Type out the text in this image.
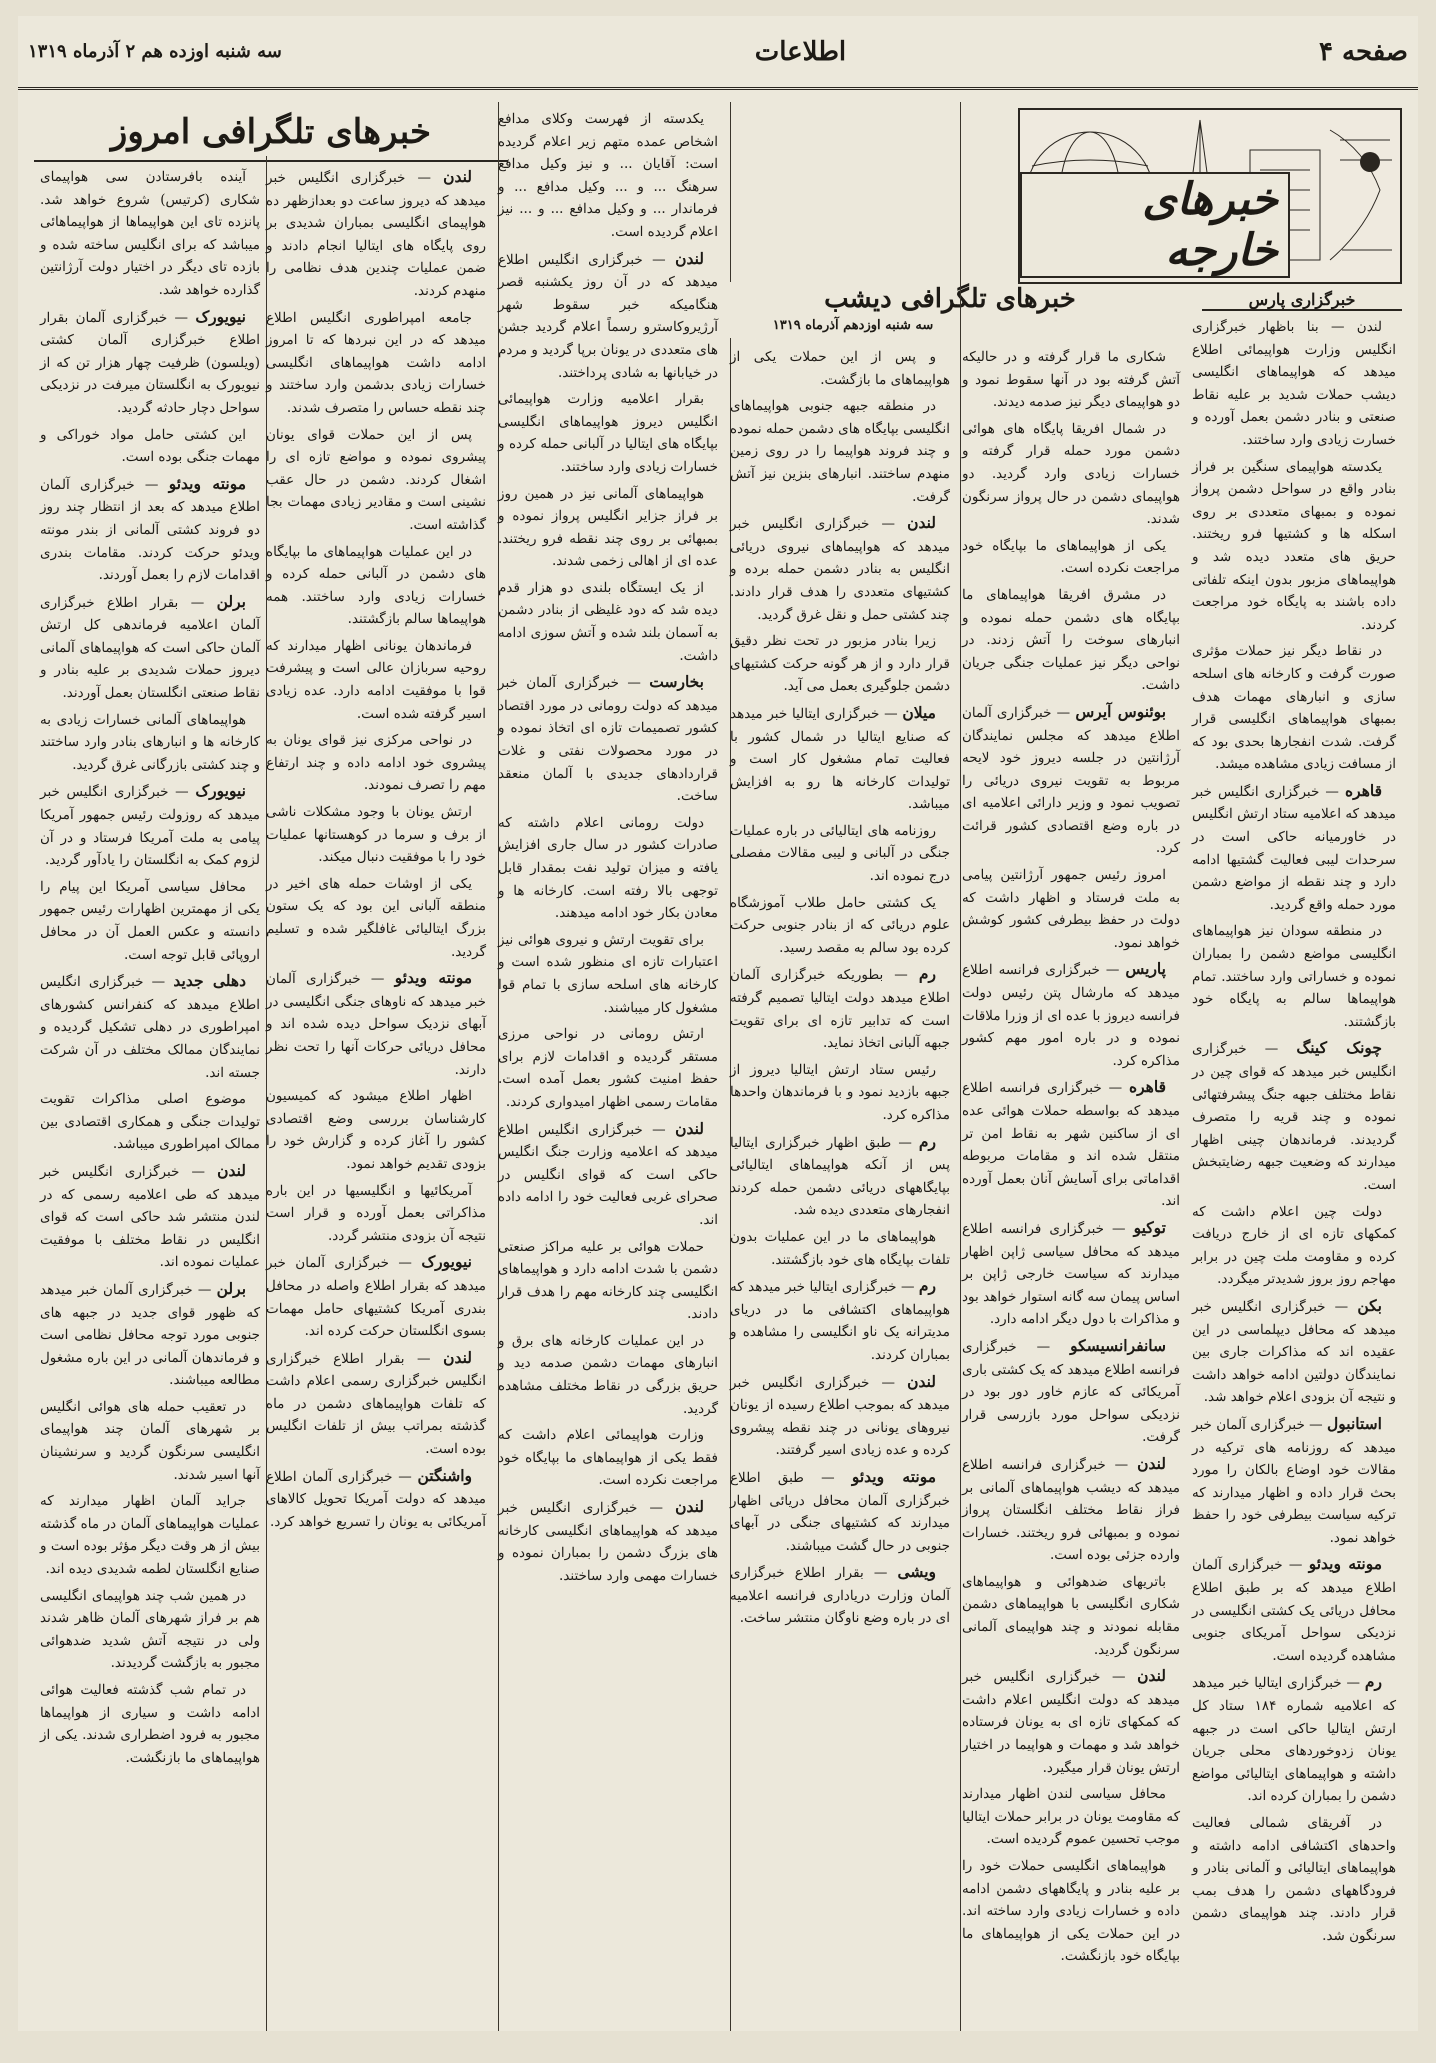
صفحه ۴
اطلاعات
سه شنبه اوزده هم ۲ آذرماه ۱۳۱۹
خبرهای خارجه
خبرگزاری پارس
خبرهای تلگرافی دیشب
سه شنبه اوزدهم آذرماه ۱۳۱۹
خبرهای تلگرافی امروز

لندن — بنا باظهار خبرگزاری انگلیس وزارت هواپیمائی اطلاع میدهد که هواپیماهای انگلیسی دیشب حملات شدید بر علیه نقاط صنعتی و بنادر دشمن بعمل آورده و خسارت زیادی وارد ساختند.

یکدسته هواپیمای سنگین بر فراز بنادر واقع در سواحل دشمن پرواز نموده و بمبهای متعددی بر روی اسکله ها و کشتیها فرو ریختند. حریق های متعدد دیده شد و هواپیماهای مزبور بدون اینکه تلفاتی داده باشند به پایگاه خود مراجعت کردند.

در نقاط دیگر نیز حملات مؤثری صورت گرفت و کارخانه های اسلحه سازی و انبارهای مهمات هدف بمبهای هواپیماهای انگلیسی قرار گرفت. شدت انفجارها بحدی بود که از مسافت زیادی مشاهده میشد.

قاهره — خبرگزاری انگلیس خبر میدهد که اعلامیه ستاد ارتش انگلیس در خاورمیانه حاکی است در سرحدات لیبی فعالیت گشتیها ادامه دارد و چند نقطه از مواضع دشمن مورد حمله واقع گردید.

در منطقه سودان نیز هواپیماهای انگلیسی مواضع دشمن را بمباران نموده و خساراتی وارد ساختند. تمام هواپیماها سالم به پایگاه خود بازگشتند.

چونک کینگ — خبرگزاری انگلیس خبر میدهد که قوای چین در نقاط مختلف جبهه جنگ پیشرفتهائی نموده و چند قریه را متصرف گردیدند. فرماندهان چینی اظهار میدارند که وضعیت جبهه رضایتبخش است.

دولت چین اعلام داشت که کمکهای تازه ای از خارج دریافت کرده و مقاومت ملت چین در برابر مهاجم روز بروز شدیدتر میگردد.

بکن — خبرگزاری انگلیس خبر میدهد که محافل دیپلماسی در این عقیده اند که مذاکرات جاری بین نمایندگان دولتین ادامه خواهد داشت و نتیجه آن بزودی اعلام خواهد شد.

استانبول — خبرگزاری آلمان خبر میدهد که روزنامه های ترکیه در مقالات خود اوضاع بالکان را مورد بحث قرار داده و اظهار میدارند که ترکیه سیاست بیطرفی خود را حفظ خواهد نمود.

مونته ویدئو — خبرگزاری آلمان اطلاع میدهد که بر طبق اطلاع محافل دریائی یک کشتی انگلیسی در نزدیکی سواحل آمریکای جنوبی مشاهده گردیده است.

رم — خبرگزاری ایتالیا خبر میدهد که اعلامیه شماره ۱۸۴ ستاد کل ارتش ایتالیا حاکی است در جبهه یونان زدوخوردهای محلی جریان داشته و هواپیماهای ایتالیائی مواضع دشمن را بمباران کرده اند.

در آفریقای شمالی فعالیت واحدهای اکتشافی ادامه داشته و هواپیماهای ایتالیائی و آلمانی بنادر و فرودگاههای دشمن را هدف بمب قرار دادند. چند هواپیمای دشمن سرنگون شد.

شکاری ما قرار گرفته و در حالیکه آتش گرفته بود در آنها سقوط نمود و دو هواپیمای دیگر نیز صدمه دیدند.

در شمال افریقا پایگاه های هوائی دشمن مورد حمله قرار گرفته و خسارات زیادی وارد گردید. دو هواپیمای دشمن در حال پرواز سرنگون شدند.

یکی از هواپیماهای ما بپایگاه خود مراجعت نکرده است.

در مشرق افریقا هواپیماهای ما بپایگاه های دشمن حمله نموده و انبارهای سوخت را آتش زدند. در نواحی دیگر نیز عملیات جنگی جریان داشت.

بوئنوس آیرس — خبرگزاری آلمان اطلاع میدهد که مجلس نمایندگان آرژانتین در جلسه دیروز خود لایحه مربوط به تقویت نیروی دریائی را تصویب نمود و وزیر دارائی اعلامیه ای در باره وضع اقتصادی کشور قرائت کرد.

امروز رئیس جمهور آرژانتین پیامی به ملت فرستاد و اظهار داشت که دولت در حفظ بیطرفی کشور کوشش خواهد نمود.

پاریس — خبرگزاری فرانسه اطلاع میدهد که مارشال پتن رئیس دولت فرانسه دیروز با عده ای از وزرا ملاقات نموده و در باره امور مهم کشور مذاکره کرد.

قاهره — خبرگزاری فرانسه اطلاع میدهد که بواسطه حملات هوائی عده ای از ساکنین شهر به نقاط امن تر منتقل شده اند و مقامات مربوطه اقداماتی برای آسایش آنان بعمل آورده اند.

توکیو — خبرگزاری فرانسه اطلاع میدهد که محافل سیاسی ژاپن اظهار میدارند که سیاست خارجی ژاپن بر اساس پیمان سه گانه استوار خواهد بود و مذاکرات با دول دیگر ادامه دارد.

سانفرانسیسکو — خبرگزاری فرانسه اطلاع میدهد که یک کشتی باری آمریکائی که عازم خاور دور بود در نزدیکی سواحل مورد بازرسی قرار گرفت.

لندن — خبرگزاری فرانسه اطلاع میدهد که دیشب هواپیماهای آلمانی بر فراز نقاط مختلف انگلستان پرواز نموده و بمبهائی فرو ریختند. خسارات وارده جزئی بوده است.

باتریهای ضدهوائی و هواپیماهای شکاری انگلیسی با هواپیماهای دشمن مقابله نمودند و چند هواپیمای آلمانی سرنگون گردید.

لندن — خبرگزاری انگلیس خبر میدهد که دولت انگلیس اعلام داشت که کمکهای تازه ای به یونان فرستاده خواهد شد و مهمات و هواپیما در اختیار ارتش یونان قرار میگیرد.

محافل سیاسی لندن اظهار میدارند که مقاومت یونان در برابر حملات ایتالیا موجب تحسین عموم گردیده است.

هواپیماهای انگلیسی حملات خود را بر علیه بنادر و پایگاههای دشمن ادامه داده و خسارات زیادی وارد ساخته اند. در این حملات یکی از هواپیماهای ما بپایگاه خود بازنگشت.

و پس از این حملات یکی از هواپیماهای ما بازگشت.

در منطقه جبهه جنوبی هواپیماهای انگلیسی بپایگاه های دشمن حمله نموده و چند فروند هواپیما را در روی زمین منهدم ساختند. انبارهای بنزین نیز آتش گرفت.

لندن — خبرگزاری انگلیس خبر میدهد که هواپیماهای نیروی دریائی انگلیس به بنادر دشمن حمله برده و کشتیهای متعددی را هدف قرار دادند. چند کشتی حمل و نقل غرق گردید.

زیرا بنادر مزبور در تحت نظر دقیق قرار دارد و از هر گونه حرکت کشتیهای دشمن جلوگیری بعمل می آید.

میلان — خبرگزاری ایتالیا خبر میدهد که صنایع ایتالیا در شمال کشور با فعالیت تمام مشغول کار است و تولیدات کارخانه ها رو به افزایش میباشد.

روزنامه های ایتالیائی در باره عملیات جنگی در آلبانی و لیبی مقالات مفصلی درج نموده اند.

یک کشتی حامل طلاب آموزشگاه علوم دریائی که از بنادر جنوبی حرکت کرده بود سالم به مقصد رسید.

رم — بطوریکه خبرگزاری آلمان اطلاع میدهد دولت ایتالیا تصمیم گرفته است که تدابیر تازه ای برای تقویت جبهه آلبانی اتخاذ نماید.

رئیس ستاد ارتش ایتالیا دیروز از جبهه بازدید نمود و با فرماندهان واحدها مذاکره کرد.

رم — طبق اظهار خبرگزاری ایتالیا پس از آنکه هواپیماهای ایتالیائی بپایگاههای دریائی دشمن حمله کردند انفجارهای متعددی دیده شد.

هواپیماهای ما در این عملیات بدون تلفات بپایگاه های خود بازگشتند.

رم — خبرگزاری ایتالیا خبر میدهد که هواپیماهای اکتشافی ما در دریای مدیترانه یک ناو انگلیسی را مشاهده و بمباران کردند.

لندن — خبرگزاری انگلیس خبر میدهد که بموجب اطلاع رسیده از یونان نیروهای یونانی در چند نقطه پیشروی کرده و عده زیادی اسیر گرفتند.

مونته ویدئو — طبق اطلاع خبرگزاری آلمان محافل دریائی اظهار میدارند که کشتیهای جنگی در آبهای جنوبی در حال گشت میباشند.

ویشی — بقرار اطلاع خبرگزاری آلمان وزارت دریاداری فرانسه اعلامیه ای در باره وضع ناوگان منتشر ساخت.

یکدسته از فهرست وکلای مدافع اشخاص عمده متهم زیر اعلام گردیده است: آقایان ... و نیز وکیل مدافع سرهنگ ... و ... وکیل مدافع ... و فرماندار ... و وکیل مدافع ... و ... نیز اعلام گردیده است.

لندن — خبرگزاری انگلیس اطلاع میدهد که در آن روز یکشنبه قصر هنگامیکه خبر سقوط شهر آرژیروکاسترو رسماً اعلام گردید جشن های متعددی در یونان برپا گردید و مردم در خیابانها به شادی پرداختند.

بقرار اعلامیه وزارت هواپیمائی انگلیس دیروز هواپیماهای انگلیسی بپایگاه های ایتالیا در آلبانی حمله کرده و خسارات زیادی وارد ساختند.

هواپیماهای آلمانی نیز در همین روز بر فراز جزایر انگلیس پرواز نموده و بمبهائی بر روی چند نقطه فرو ریختند. عده ای از اهالی زخمی شدند.

از یک ایستگاه بلندی دو هزار قدم دیده شد که دود غلیظی از بنادر دشمن به آسمان بلند شده و آتش سوزی ادامه داشت.

بخارست — خبرگزاری آلمان خبر میدهد که دولت رومانی در مورد اقتصاد کشور تصمیمات تازه ای اتخاذ نموده و در مورد محصولات نفتی و غلات قراردادهای جدیدی با آلمان منعقد ساخت.

دولت رومانی اعلام داشته که صادرات کشور در سال جاری افزایش یافته و میزان تولید نفت بمقدار قابل توجهی بالا رفته است. کارخانه ها و معادن بکار خود ادامه میدهند.

برای تقویت ارتش و نیروی هوائی نیز اعتبارات تازه ای منظور شده است و کارخانه های اسلحه سازی با تمام قوا مشغول کار میباشند.

ارتش رومانی در نواحی مرزی مستقر گردیده و اقدامات لازم برای حفظ امنیت کشور بعمل آمده است. مقامات رسمی اظهار امیدواری کردند.

لندن — خبرگزاری انگلیس اطلاع میدهد که اعلامیه وزارت جنگ انگلیس حاکی است که قوای انگلیس در صحرای غربی فعالیت خود را ادامه داده اند.

حملات هوائی بر علیه مراکز صنعتی دشمن با شدت ادامه دارد و هواپیماهای انگلیسی چند کارخانه مهم را هدف قرار دادند.

در این عملیات کارخانه های برق و انبارهای مهمات دشمن صدمه دید و حریق بزرگی در نقاط مختلف مشاهده گردید.

وزارت هواپیمائی اعلام داشت که فقط یکی از هواپیماهای ما بپایگاه خود مراجعت نکرده است.

لندن — خبرگزاری انگلیس خبر میدهد که هواپیماهای انگلیسی کارخانه های بزرگ دشمن را بمباران نموده و خسارات مهمی وارد ساختند.

لندن — خبرگزاری انگلیس خبر میدهد که دیروز ساعت دو بعدازظهر ده هواپیمای انگلیسی بمباران شدیدی بر روی پایگاه های ایتالیا انجام دادند و ضمن عملیات چندین هدف نظامی را منهدم کردند.

جامعه امپراطوری انگلیس اطلاع میدهد که در این نبردها که تا امروز ادامه داشت هواپیماهای انگلیسی خسارات زیادی بدشمن وارد ساختند و چند نقطه حساس را متصرف شدند.

پس از این حملات قوای یونان پیشروی نموده و مواضع تازه ای را اشغال کردند. دشمن در حال عقب نشینی است و مقادیر زیادی مهمات بجا گذاشته است.

در این عملیات هواپیماهای ما بپایگاه های دشمن در آلبانی حمله کرده و خسارات زیادی وارد ساختند. همه هواپیماها سالم بازگشتند.

فرماندهان یونانی اظهار میدارند که روحیه سربازان عالی است و پیشرفت قوا با موفقیت ادامه دارد. عده زیادی اسیر گرفته شده است.

در نواحی مرکزی نیز قوای یونان به پیشروی خود ادامه داده و چند ارتفاع مهم را تصرف نمودند.

ارتش یونان با وجود مشکلات ناشی از برف و سرما در کوهستانها عملیات خود را با موفقیت دنبال میکند.

یکی از اوشات حمله های اخیر در منطقه آلبانی این بود که یک ستون بزرگ ایتالیائی غافلگیر شده و تسلیم گردید.

مونته ویدئو — خبرگزاری آلمان خبر میدهد که ناوهای جنگی انگلیسی در آبهای نزدیک سواحل دیده شده اند و محافل دریائی حرکات آنها را تحت نظر دارند.

اظهار اطلاع میشود که کمیسیون کارشناسان بررسی وضع اقتصادی کشور را آغاز کرده و گزارش خود را بزودی تقدیم خواهد نمود.

آمریکائیها و انگلیسیها در این باره مذاکراتی بعمل آورده و قرار است نتیجه آن بزودی منتشر گردد.

نیویورک — خبرگزاری آلمان خبر میدهد که بقرار اطلاع واصله در محافل بندری آمریکا کشتیهای حامل مهمات بسوی انگلستان حرکت کرده اند.

لندن — بقرار اطلاع خبرگزاری انگلیس خبرگزاری رسمی اعلام داشت که تلفات هواپیماهای دشمن در ماه گذشته بمراتب بیش از تلفات انگلیس بوده است.

واشنگتن — خبرگزاری آلمان اطلاع میدهد که دولت آمریکا تحویل کالاهای آمریکائی به یونان را تسریع خواهد کرد.

آینده بافرستادن سی هواپیمای شکاری (کرتیس) شروع خواهد شد. پانزده تای این هواپیماها از هواپیماهائی میباشد که برای انگلیس ساخته شده و بازده تای دیگر در اختیار دولت آرژانتین گذارده خواهد شد.

نیویورک — خبرگزاری آلمان بقرار اطلاع خبرگزاری آلمان کشتی (ویلسون) ظرفیت چهار هزار تن که از نیویورک به انگلستان میرفت در نزدیکی سواحل دچار حادثه گردید.

این کشتی حامل مواد خوراکی و مهمات جنگی بوده است.

مونته ویدئو — خبرگزاری آلمان اطلاع میدهد که بعد از انتظار چند روز دو فروند کشتی آلمانی از بندر مونته ویدئو حرکت کردند. مقامات بندری اقدامات لازم را بعمل آوردند.

برلن — بقرار اطلاع خبرگزاری آلمان اعلامیه فرماندهی کل ارتش آلمان حاکی است که هواپیماهای آلمانی دیروز حملات شدیدی بر علیه بنادر و نقاط صنعتی انگلستان بعمل آوردند.

هواپیماهای آلمانی خسارات زیادی به کارخانه ها و انبارهای بنادر وارد ساختند و چند کشتی بازرگانی غرق گردید.

نیویورک — خبرگزاری انگلیس خبر میدهد که روزولت رئیس جمهور آمریکا پیامی به ملت آمریکا فرستاد و در آن لزوم کمک به انگلستان را یادآور گردید.

محافل سیاسی آمریکا این پیام را یکی از مهمترین اظهارات رئیس جمهور دانسته و عکس العمل آن در محافل اروپائی قابل توجه است.

دهلی جدید — خبرگزاری انگلیس اطلاع میدهد که کنفرانس کشورهای امپراطوری در دهلی تشکیل گردیده و نمایندگان ممالک مختلف در آن شرکت جسته اند.

موضوع اصلی مذاکرات تقویت تولیدات جنگی و همکاری اقتصادی بین ممالک امپراطوری میباشد.

لندن — خبرگزاری انگلیس خبر میدهد که طی اعلامیه رسمی که در لندن منتشر شد حاکی است که قوای انگلیس در نقاط مختلف با موفقیت عملیات نموده اند.

برلن — خبرگزاری آلمان خبر میدهد که ظهور قوای جدید در جبهه های جنوبی مورد توجه محافل نظامی است و فرماندهان آلمانی در این باره مشغول مطالعه میباشند.

در تعقیب حمله های هوائی انگلیس بر شهرهای آلمان چند هواپیمای انگلیسی سرنگون گردید و سرنشینان آنها اسیر شدند.

جراید آلمان اظهار میدارند که عملیات هواپیماهای آلمان در ماه گذشته بیش از هر وقت دیگر مؤثر بوده است و صنایع انگلستان لطمه شدیدی دیده اند.

در همین شب چند هواپیمای انگلیسی هم بر فراز شهرهای آلمان ظاهر شدند ولی در نتیجه آتش شدید ضدهوائی مجبور به بازگشت گردیدند.

در تمام شب گذشته فعالیت هوائی ادامه داشت و سیاری از هواپیماها مجبور به فرود اضطراری شدند. یکی از هواپیماهای ما بازنگشت.
